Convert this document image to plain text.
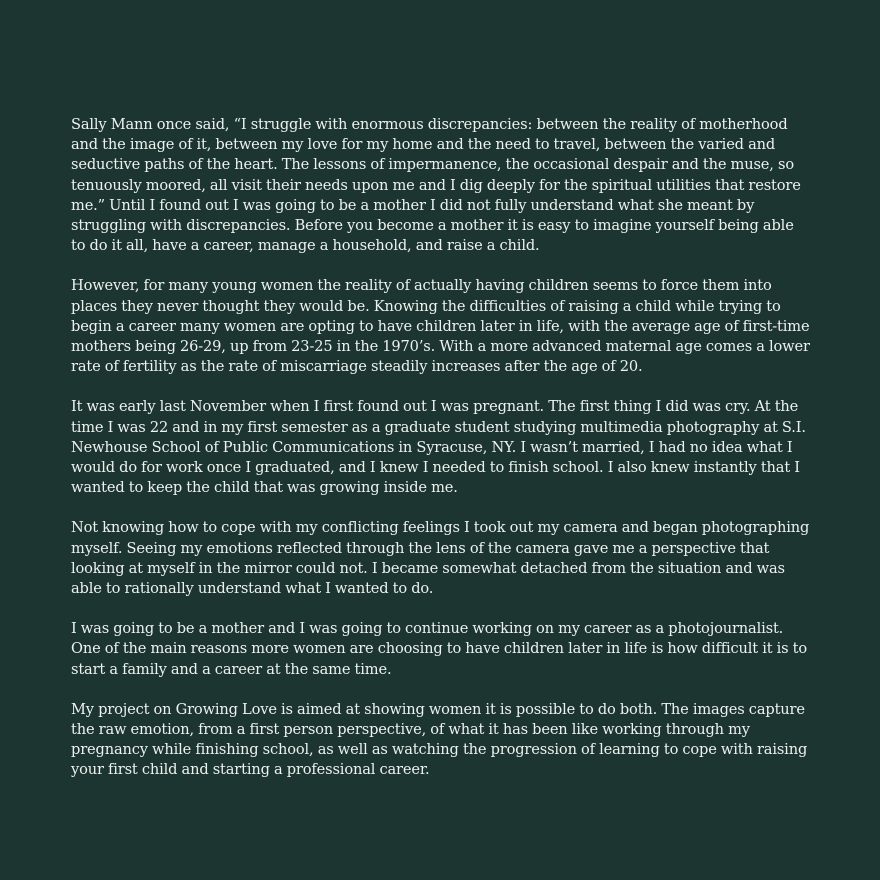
Sally Mann once said, “I struggle with enormous discrepancies: between the reality of motherhood and the image of it, between my love for my home and the need to travel, between the varied and seductive paths of the heart. The lessons of impermanence, the occasional despair and the muse, so tenuously moored, all visit their needs upon me and I dig deeply for the spiritual utilities that restore me.” Until I found out I was going to be a mother I did not fully understand what she meant by struggling with discrepancies. Before you become a mother it is easy to imagine yourself being able to do it all, have a career, manage a household, and raise a child.

However, for many young women the reality of actually having children seems to force them into places they never thought they would be. Knowing the difficulties of raising a child while trying to begin a career many women are opting to have children later in life, with the average age of first-time mothers being 26-29, up from 23-25 in the 1970’s. With a more advanced maternal age comes a lower rate of fertility as the rate of miscarriage steadily increases after the age of 20.

It was early last November when I first found out I was pregnant. The first thing I did was cry. At the time I was 22 and in my first semester as a graduate student studying multimedia photography at S.I. Newhouse School of Public Communications in Syracuse, NY. I wasn’t married, I had no idea what I would do for work once I graduated, and I knew I needed to finish school. I also knew instantly that I wanted to keep the child that was growing inside me.

Not knowing how to cope with my conflicting feelings I took out my camera and began photographing myself. Seeing my emotions reflected through the lens of the camera gave me a perspective that looking at myself in the mirror could not. I became somewhat detached from the situation and was able to rationally understand what I wanted to do.

I was going to be a mother and I was going to continue working on my career as a photojournalist. One of the main reasons more women are choosing to have children later in life is how difficult it is to start a family and a career at the same time.

My project on Growing Love is aimed at showing women it is possible to do both. The images capture the raw emotion, from a first person perspective, of what it has been like working through my pregnancy while finishing school, as well as watching the progression of learning to cope with raising your first child and starting a professional career.
